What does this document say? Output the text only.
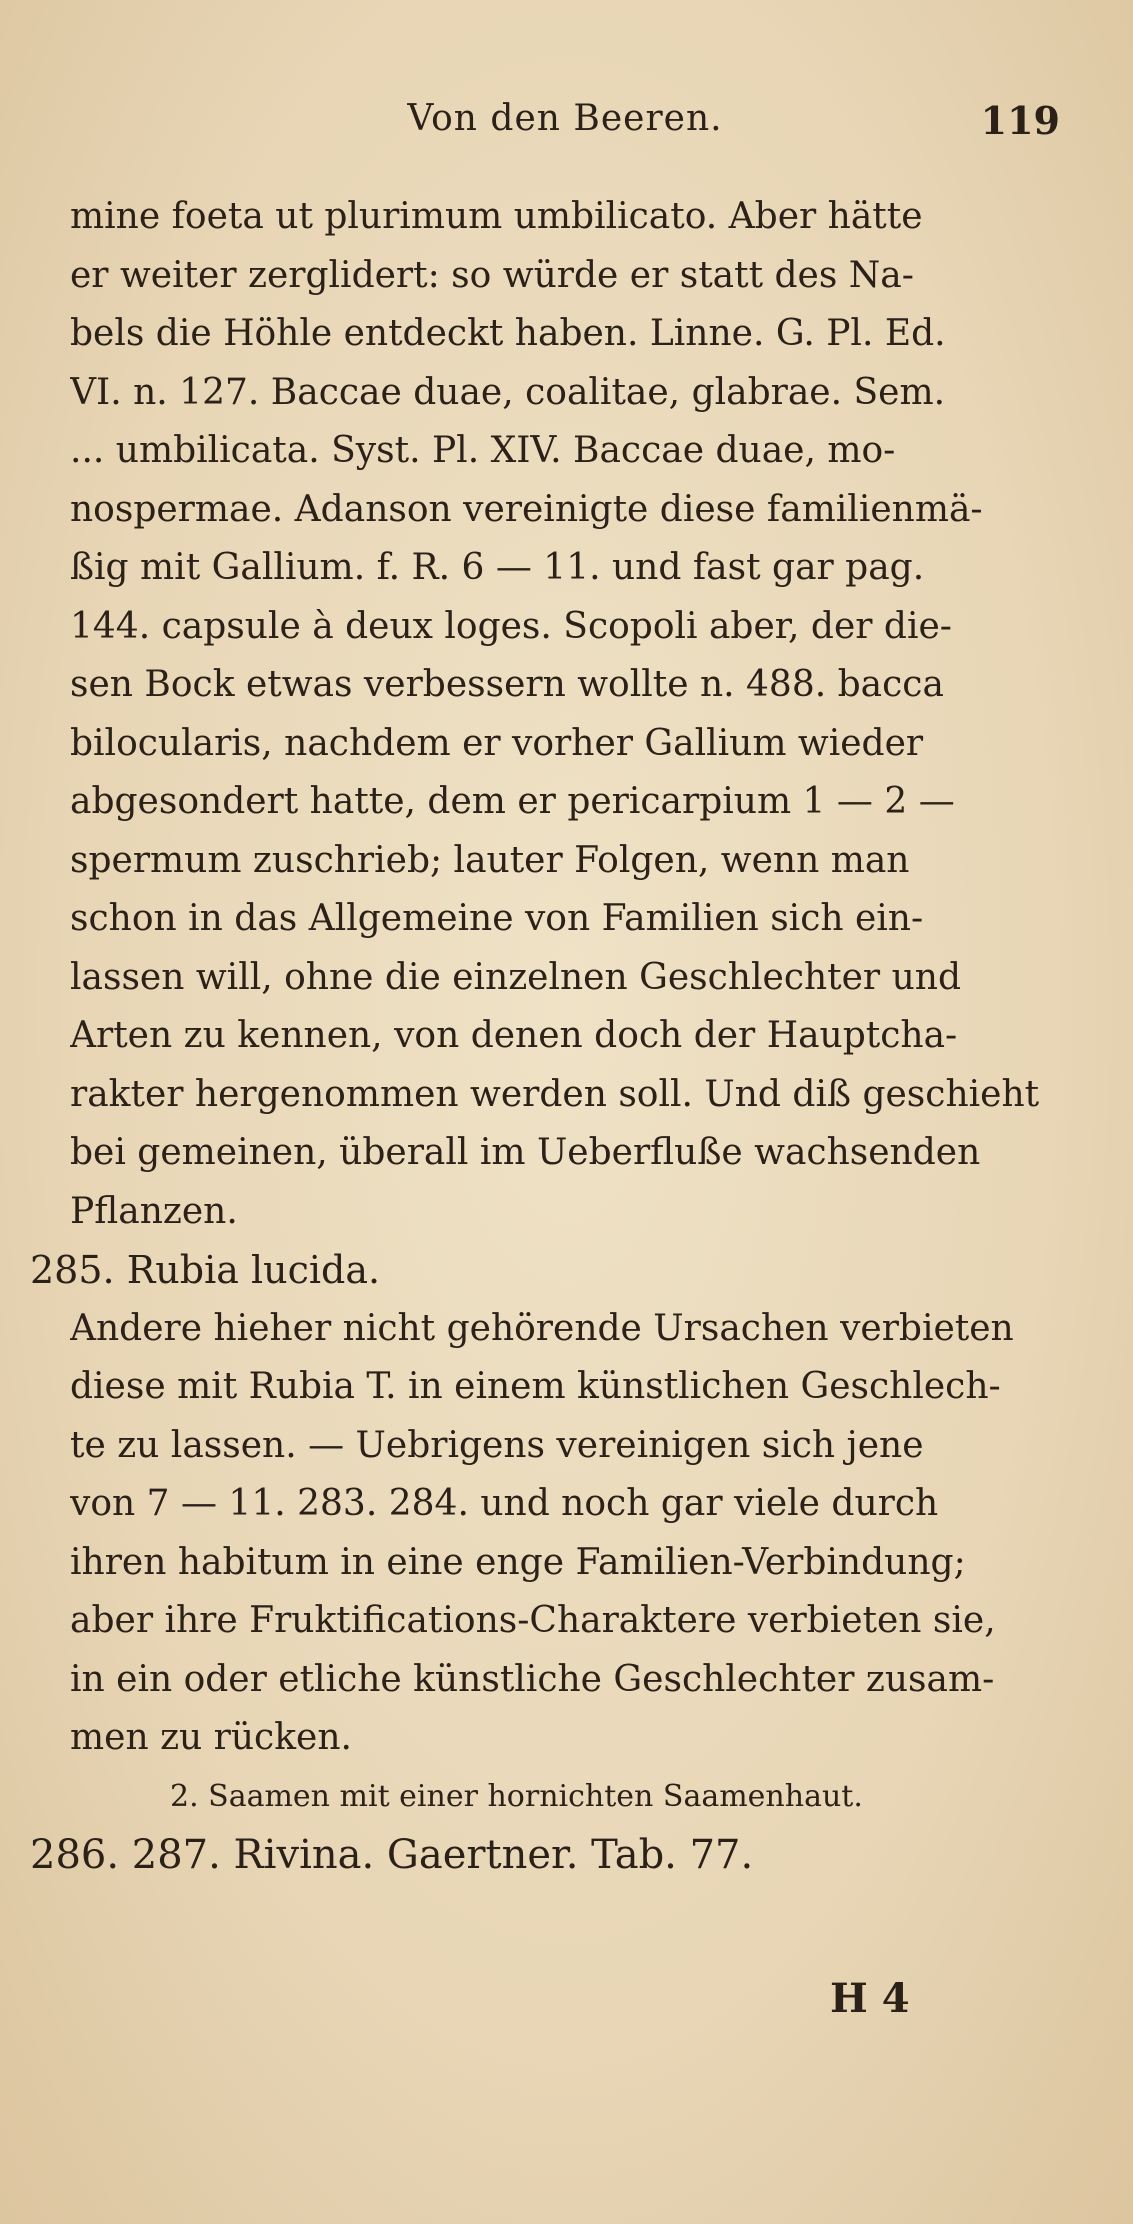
Von den Beeren.	119
mine foeta ut plurimum umbilicato. Aber hätte
er weiter zerglidert: so würde er statt des Na-
bels die Höhle entdeckt haben. Linne. G. Pl. Ed.
VI. n. 127. Baccae duae, coalitae, glabrae. Sem.
... umbilicata. Syst. Pl. XIV. Baccae duae, mo-
nospermae. Adanson vereinigte diese familienmä-
ßig mit Gallium. f. R. 6 — 11. und fast gar pag.
144. capsule à deux loges. Scopoli aber, der die-
sen Bock etwas verbessern wollte n. 488. bacca
bilocularis, nachdem er vorher Gallium wieder
abgesondert hatte, dem er pericarpium 1 — 2 —
spermum zuschrieb; lauter Folgen, wenn man
schon in das Allgemeine von Familien sich ein-
lassen will, ohne die einzelnen Geschlechter und
Arten zu kennen, von denen doch der Hauptcha-
rakter hergenommen werden soll. Und diß geschieht
bei gemeinen, überall im Ueberfluße wachsenden
Pflanzen.
285. Rubia lucida.
Andere hieher nicht gehörende Ursachen verbieten
diese mit Rubia T. in einem künstlichen Geschlech-
te zu lassen. — Uebrigens vereinigen sich jene
von 7 — 11. 283. 284. und noch gar viele durch
ihren habitum in eine enge Familien-Verbindung;
aber ihre Fruktifications-Charaktere verbieten sie,
in ein oder etliche künstliche Geschlechter zusam-
men zu rücken.
2. Saamen mit einer hornichten Saamenhaut.
286. 287. Rivina. Gaertner. Tab. 77.
H 4
